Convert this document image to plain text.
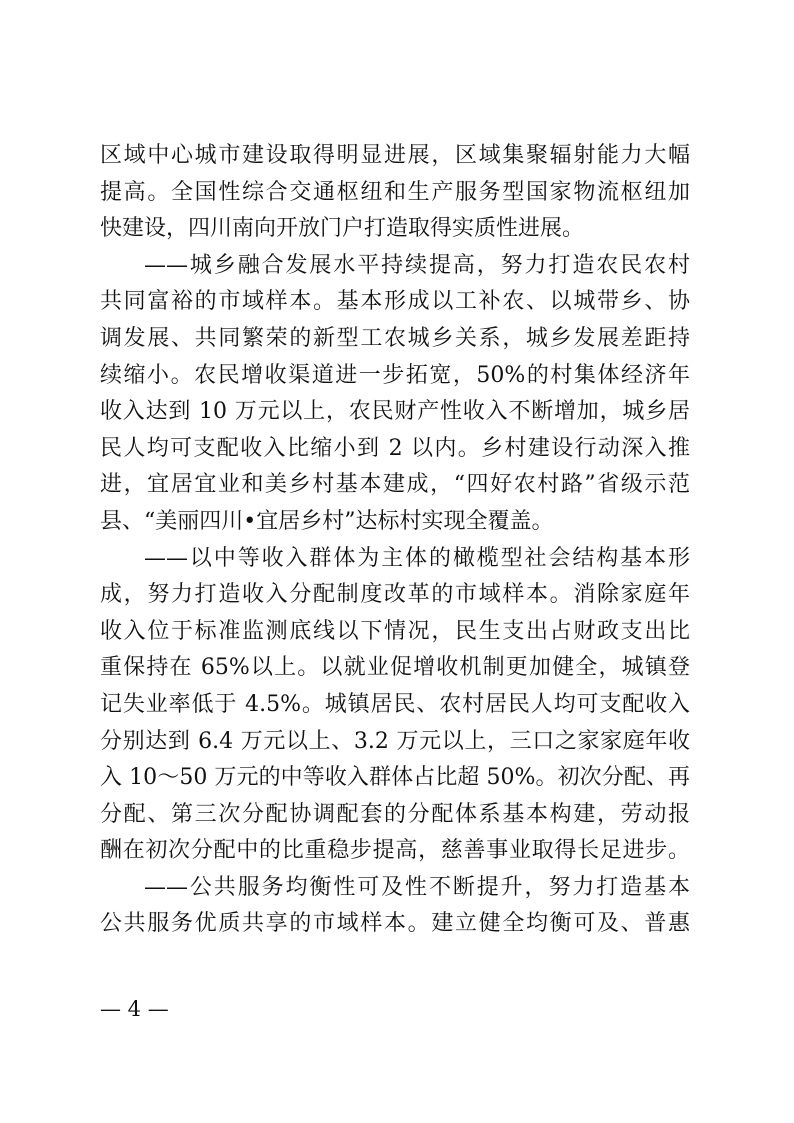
区域中心城市建设取得明显进展，区域集聚辐射能力大幅
提高。全国性综合交通枢纽和生产服务型国家物流枢纽加
快建设，四川南向开放门户打造取得实质性进展。
——城乡融合发展水平持续提高，努力打造农民农村
共同富裕的市域样本。基本形成以工补农、以城带乡、协
调发展、共同繁荣的新型工农城乡关系，城乡发展差距持
续缩小。农民增收渠道进一步拓宽，50%的村集体经济年
收入达到 10 万元以上，农民财产性收入不断增加，城乡居
民人均可支配收入比缩小到 2 以内。乡村建设行动深入推
进，宜居宜业和美乡村基本建成，“四好农村路”省级示范
县、“美丽四川•宜居乡村”达标村实现全覆盖。
——以中等收入群体为主体的橄榄型社会结构基本形
成，努力打造收入分配制度改革的市域样本。消除家庭年
收入位于标准监测底线以下情况，民生支出占财政支出比
重保持在 65%以上。以就业促增收机制更加健全，城镇登
记失业率低于 4.5%。城镇居民、农村居民人均可支配收入
分别达到 6.4 万元以上、3.2 万元以上，三口之家家庭年收
入 10～50 万元的中等收入群体占比超 50%。初次分配、再
分配、第三次分配协调配套的分配体系基本构建，劳动报
酬在初次分配中的比重稳步提高，慈善事业取得长足进步。
——公共服务均衡性可及性不断提升，努力打造基本
公共服务优质共享的市域样本。建立健全均衡可及、普惠
— 4 —
